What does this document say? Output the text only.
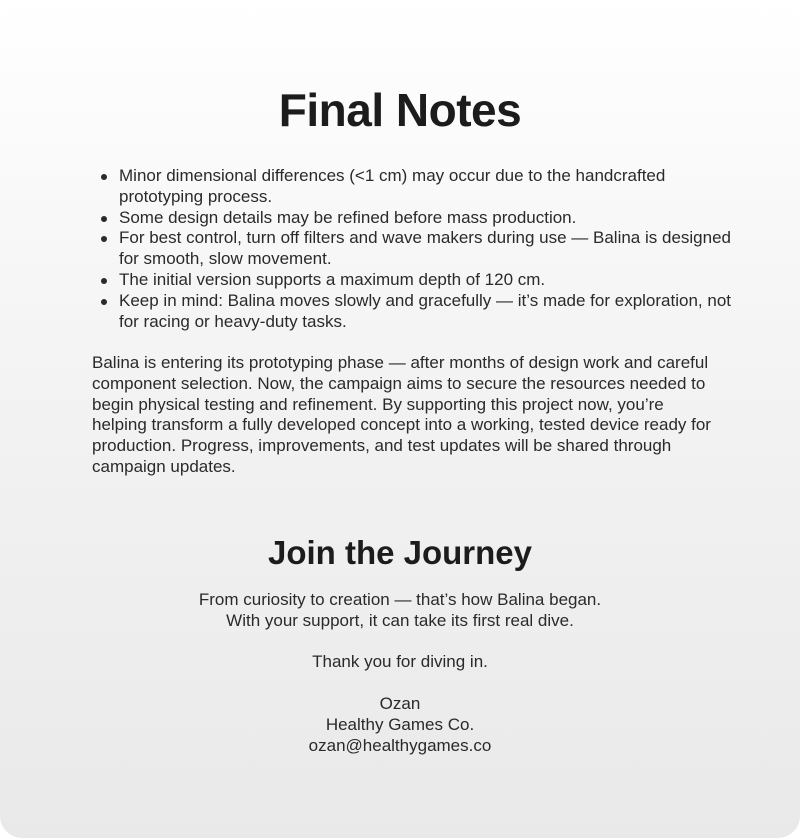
Final Notes
Minor dimensional differences (<1 cm) may occur due to the handcrafted prototyping process.
Some design details may be refined before mass production.
For best control, turn off filters and wave makers during use — Balina is designed for smooth, slow movement.
The initial version supports a maximum depth of 120 cm.
Keep in mind: Balina moves slowly and gracefully — it’s made for exploration, not for racing or heavy-duty tasks.

Balina is entering its prototyping phase — after months of design work and careful component selection. Now, the campaign aims to secure the resources needed to begin physical testing and refinement. By supporting this project now, you’re helping transform a fully developed concept into a working, tested device ready for production. Progress, improvements, and test updates will be shared through campaign updates.

Join the Journey
From curiosity to creation — that’s how Balina began.
With your support, it can take its first real dive.
Thank you for diving in.
Ozan
Healthy Games Co.
ozan@healthygames.co
